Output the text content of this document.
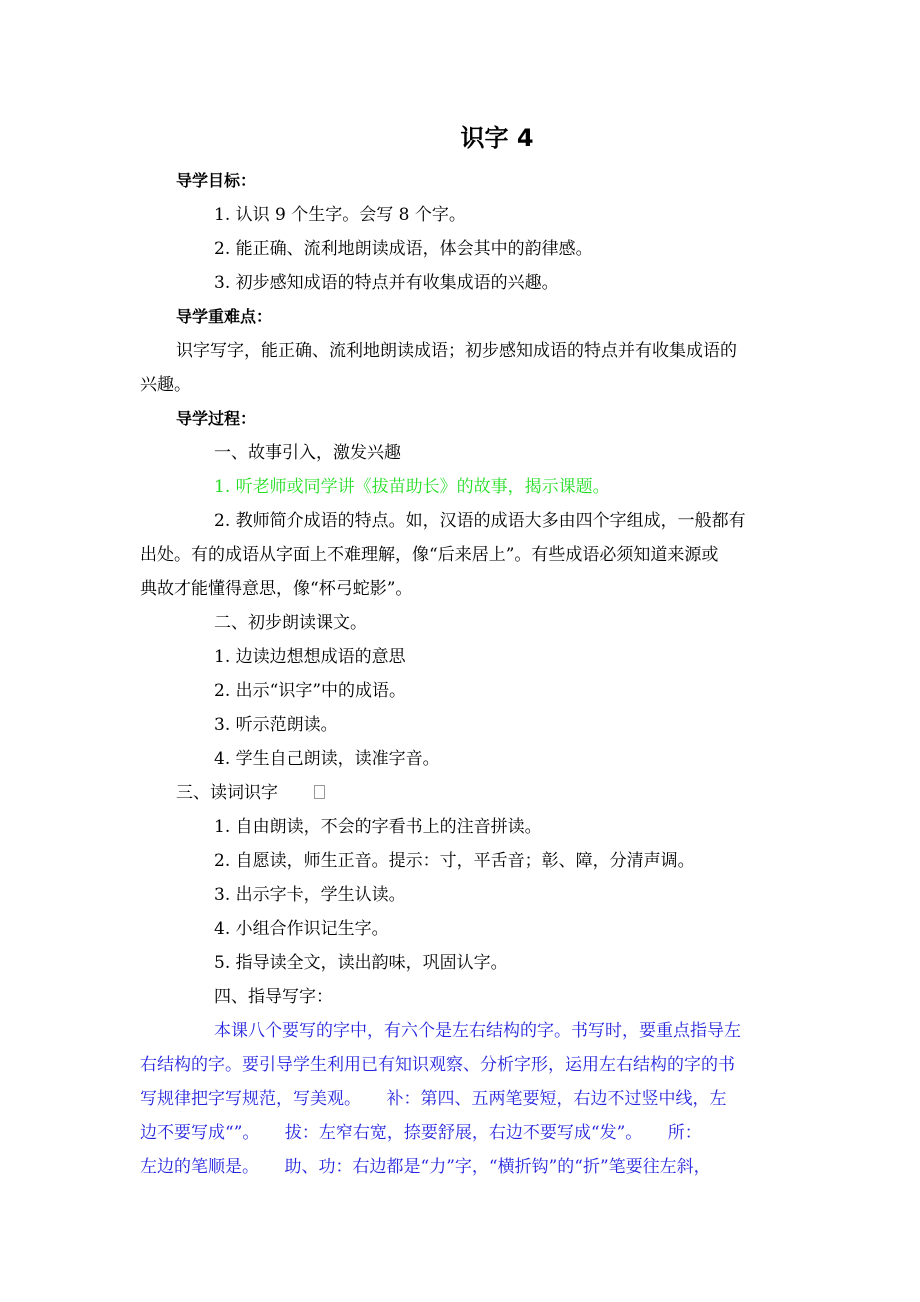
识字 4
导学目标：
1. 认识 9 个生字。会写 8 个字。
2. 能正确、流利地朗读成语，体会其中的韵律感。
3. 初步感知成语的特点并有收集成语的兴趣。
导学重难点：
识字写字，能正确、流利地朗读成语；初步感知成语的特点并有收集成语的
兴趣。
导学过程：
一、故事引入，激发兴趣
1. 听老师或同学讲《拔苗助长》的故事，揭示课题。
2. 教师简介成语的特点。如，汉语的成语大多由四个字组成，一般都有
出处。有的成语从字面上不难理解，像“后来居上”。有些成语必须知道来源或
典故才能懂得意思，像“杯弓蛇影”。
二、初步朗读课文。
1. 边读边想想成语的意思
2. 出示“识字”中的成语。
3. 听示范朗读。
4. 学生自己朗读，读准字音。
三、读词识字
1. 自由朗读，不会的字看书上的注音拼读。
2. 自愿读，师生正音。提示：寸，平舌音；彰、障，分清声调。
3. 出示字卡，学生认读。
4. 小组合作识记生字。
5. 指导读全文，读出韵味，巩固认字。
四、指导写字：
本课八个要写的字中，有六个是左右结构的字。书写时，要重点指导左
右结构的字。要引导学生利用已有知识观察、分析字形，运用左右结构的字的书
写规律把字写规范，写美观。　　补：第四、五两笔要短，右边不过竖中线，左
边不要写成“”。　　拔：左窄右宽，捺要舒展，右边不要写成“发”。　　所：
左边的笔顺是。　　助、功：右边都是“力”字，“横折钩”的“折”笔要往左斜，
